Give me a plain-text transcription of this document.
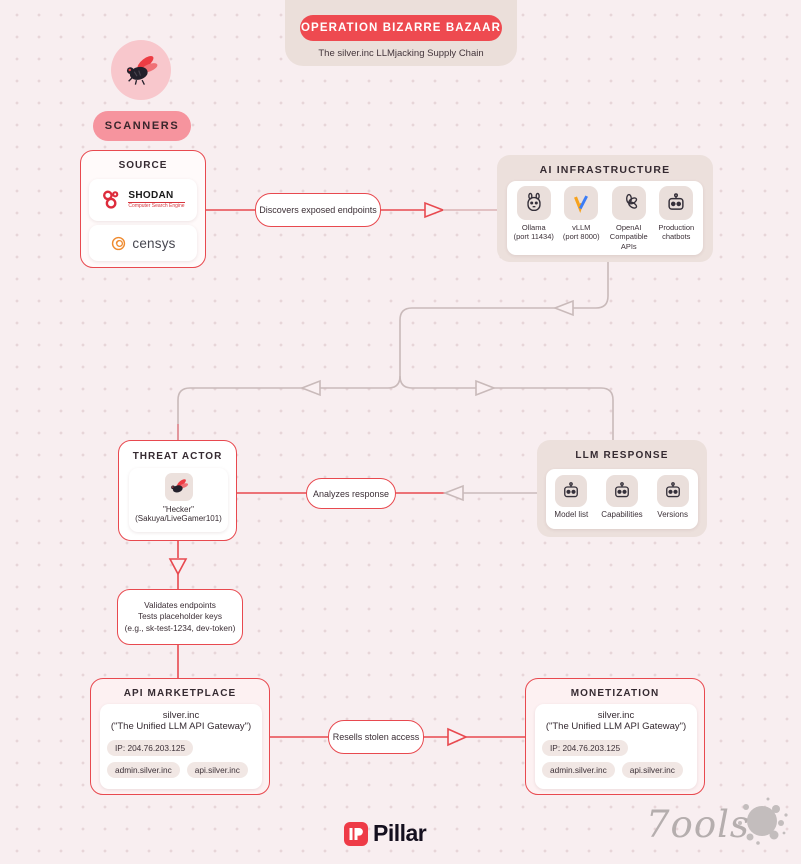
OPERATION BIZARRE BAZAAR
The silver.inc LLMjacking Supply Chain
SCANNERS
SOURCE
SHODAN
Computer Search Engine
censys
Discovers exposed endpoints
Analyzes response
Resells stolen access
AI INFRASTRUCTURE
Ollama
(port 11434)
vLLM
(port 8000)
OpenAI
Compatible APIs
Production
chatbots
THREAT ACTOR
"Hecker"
(Sakuya/LiveGamer101)
LLM RESPONSE
Model list	Capabilities	Versions
Validates endpoints
Tests placeholder keys
(e.g., sk-test-1234, dev-token)
API MARKETPLACE
silver.inc
("The Unified LLM API Gateway")
IP: 204.76.203.125
admin.silver.inc	api.silver.inc
MONETIZATION
silver.inc
("The Unified LLM API Gateway")
IP: 204.76.203.125
admin.silver.inc	api.silver.inc
Pillar	7ools
